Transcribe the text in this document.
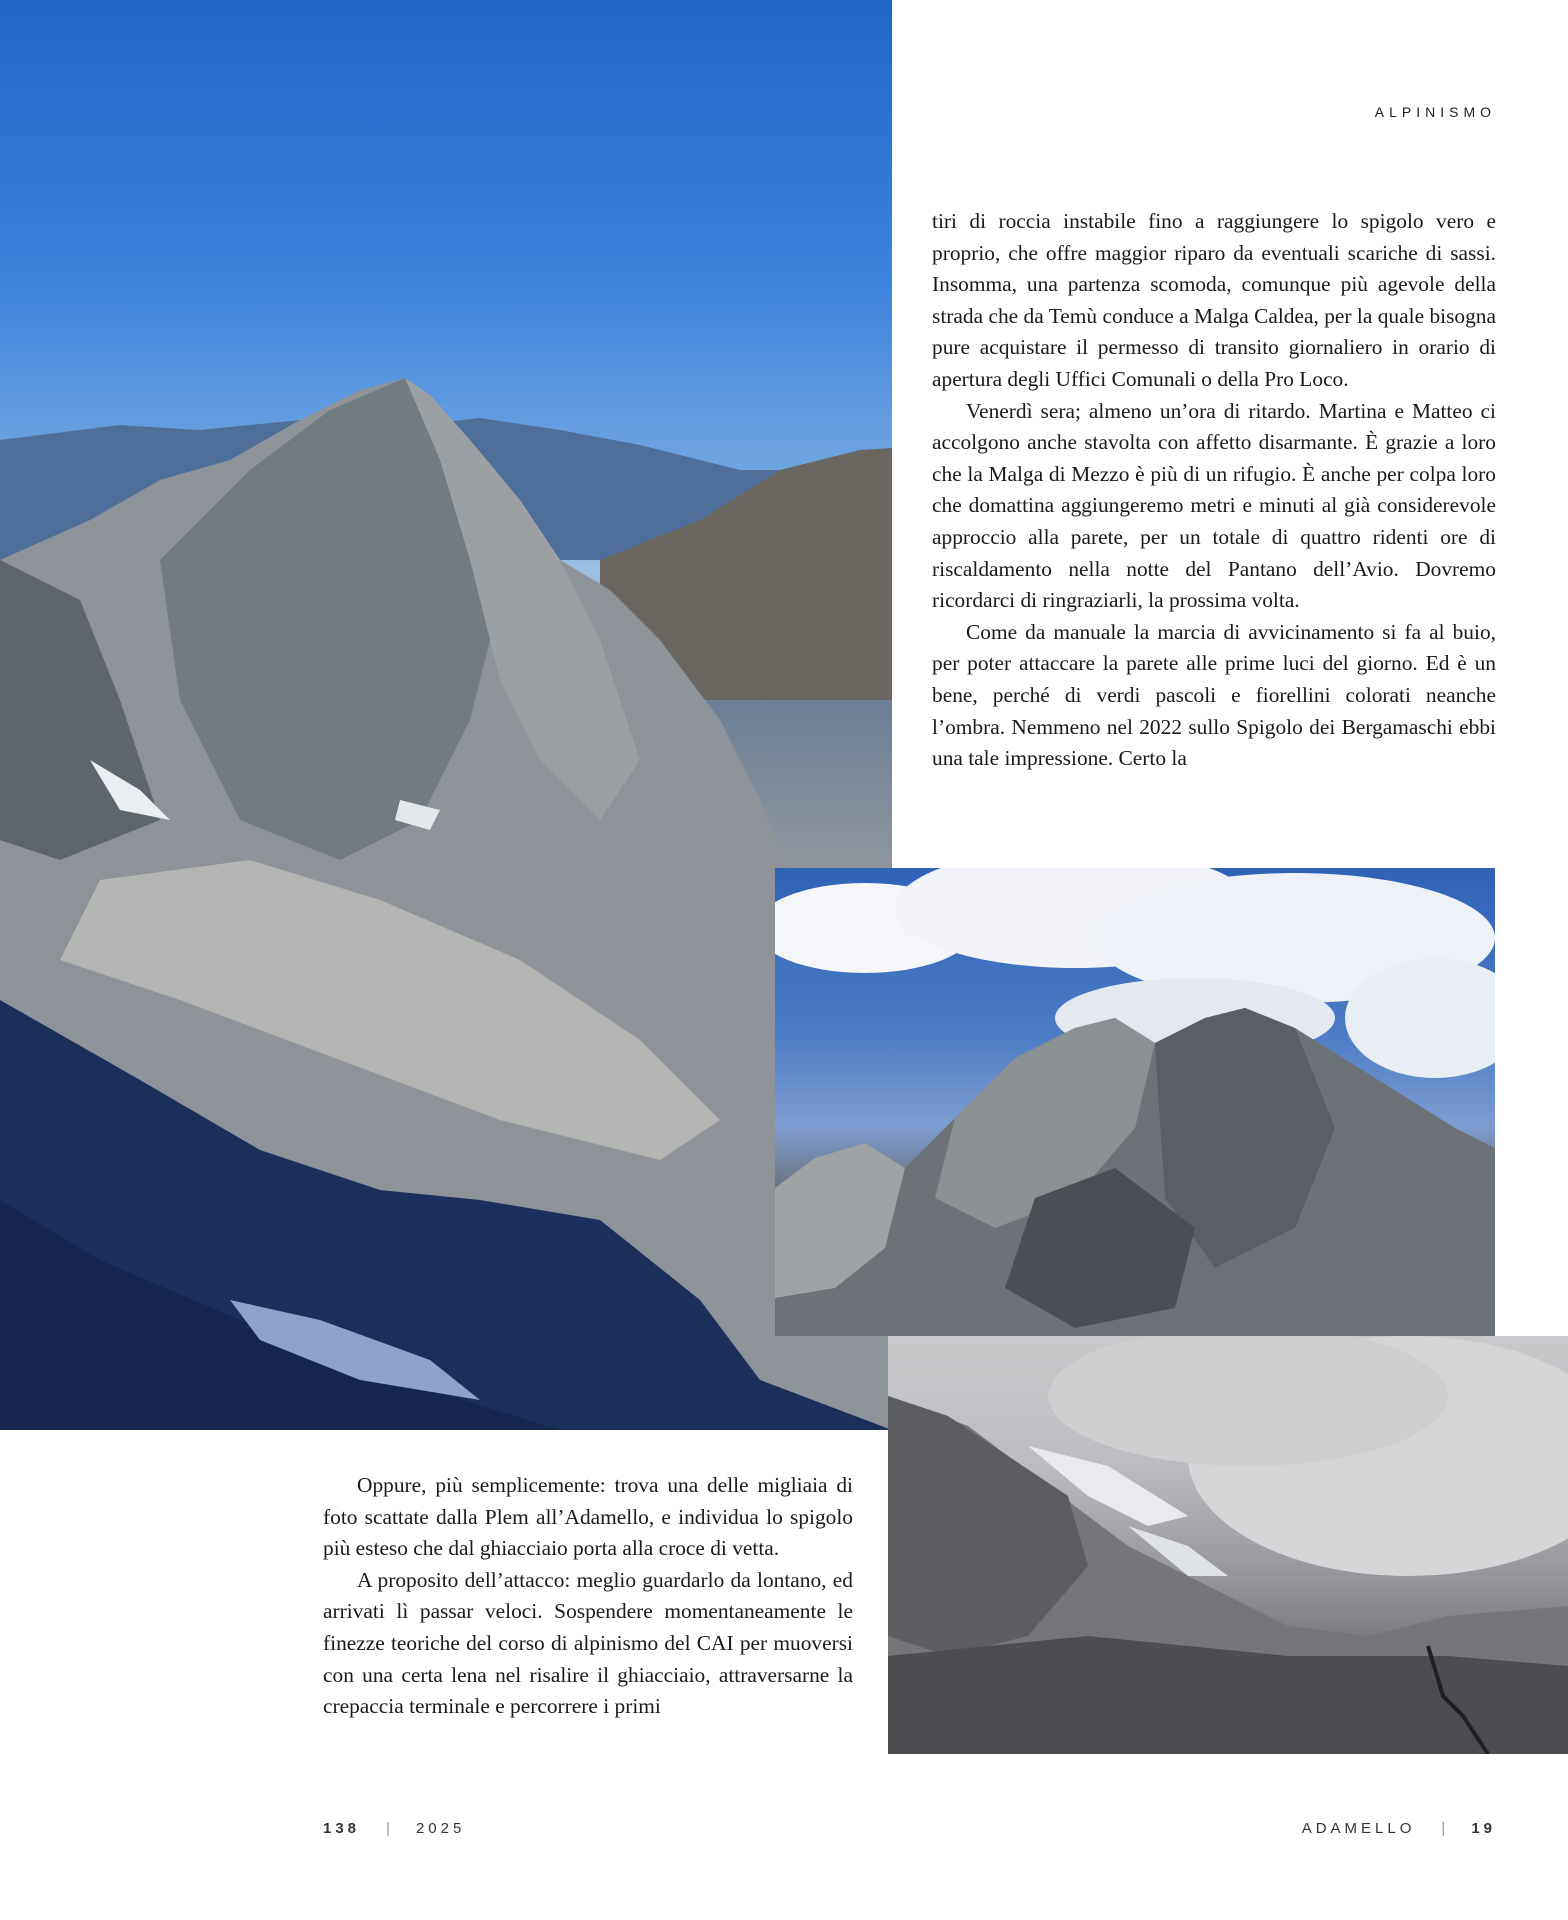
ALPINISMO

tiri di roccia instabile fino a raggiungere lo spigolo vero e proprio, che offre maggior riparo da eventuali scariche di sassi. Insomma, una partenza scomoda, comunque più agevole della strada che da Temù conduce a Malga Caldea, per la quale bisogna pure acquistare il permesso di transito giornaliero in orario di apertura degli Uffici Comunali o della Pro Loco.

Venerdì sera; almeno un’ora di ritardo. Martina e Matteo ci accolgono anche stavolta con affetto disarmante. È grazie a loro che la Malga di Mezzo è più di un rifugio. È anche per colpa loro che domattina aggiungeremo metri e minuti al già considerevole approccio alla parete, per un totale di quattro ridenti ore di riscaldamento nella notte del Pantano dell’Avio. Dovremo ricordarci di ringraziarli, la prossima volta.

Come da manuale la marcia di avvicinamento si fa al buio, per poter attaccare la parete alle prime luci del giorno. Ed è un bene, perché di verdi pascoli e fiorellini colorati neanche l’ombra. Nemmeno nel 2022 sullo Spigolo dei Bergamaschi ebbi una tale impressione. Certo la

Oppure, più semplicemente: trova una delle migliaia di foto scattate dalla Plem all’Adamello, e individua lo spigolo più esteso che dal ghiacciaio porta alla croce di vetta.

A proposito dell’attacco: meglio guardarlo da lontano, ed arrivati lì passar veloci. Sospendere momentaneamente le finezze teoriche del corso di alpinismo del CAI per muoversi con una certa lena nel risalire il ghiacciaio, attraversarne la crepaccia terminale e percorrere i primi

138 | 2025	ADAMELLO | 19
